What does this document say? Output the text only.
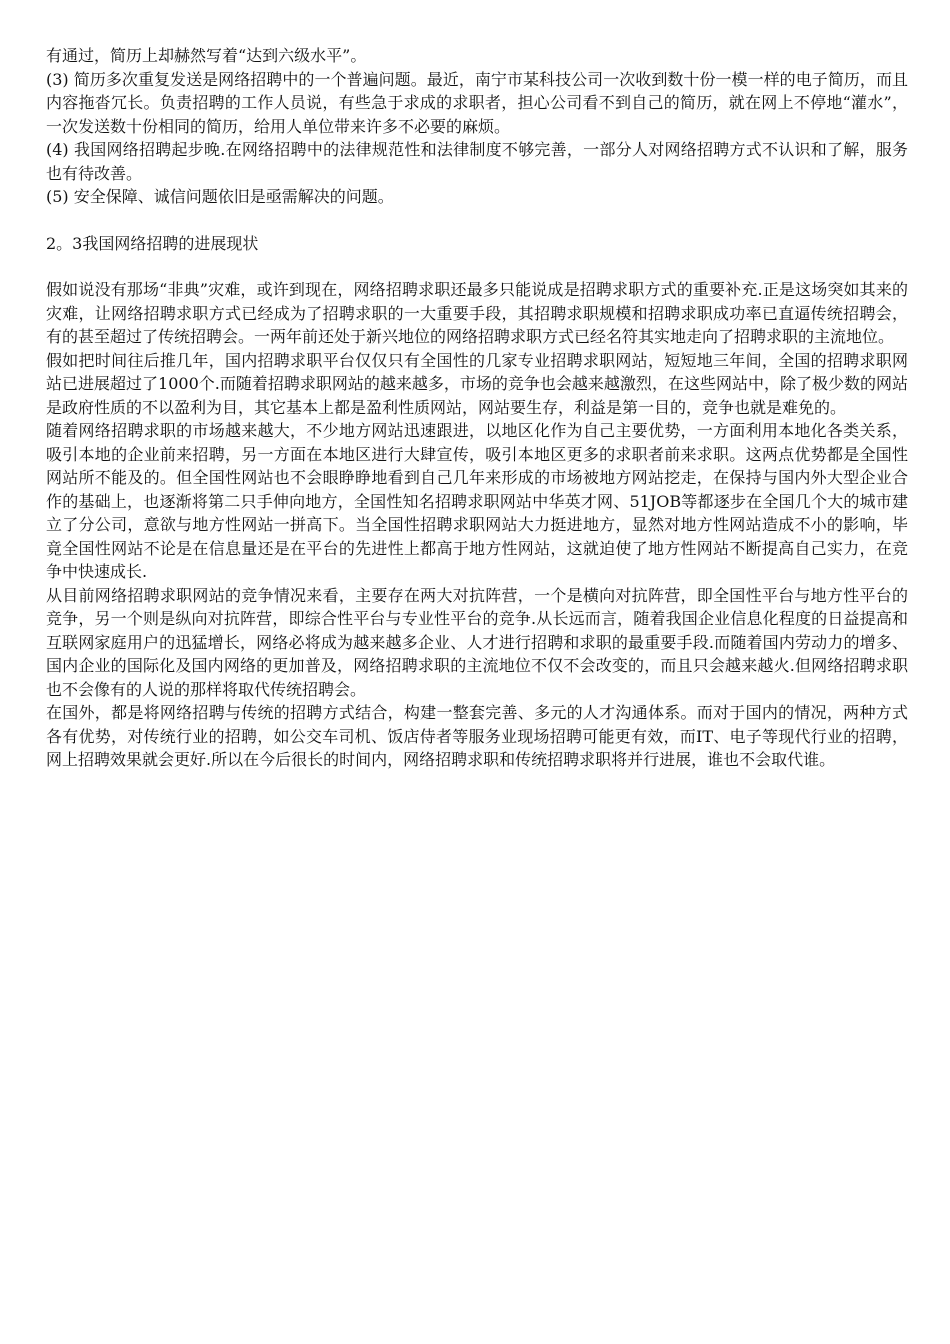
有通过，简历上却赫然写着“达到六级水平”。

(3) 简历多次重复发送是网络招聘中的一个普遍问题。最近，南宁市某科技公司一次收到数十份一模一样的电子简历，而且内容拖沓冗长。负责招聘的工作人员说，有些急于求成的求职者，担心公司看不到自己的简历，就在网上不停地“灌水”，一次发送数十份相同的简历，给用人单位带来许多不必要的麻烦。

(4) 我国网络招聘起步晚.在网络招聘中的法律规范性和法律制度不够完善，一部分人对网络招聘方式不认识和了解，服务也有待改善。

(5) 安全保障、诚信问题依旧是亟需解决的问题。

2。3我国网络招聘的进展现状

假如说没有那场“非典”灾难，或许到现在，网络招聘求职还最多只能说成是招聘求职方式的重要补充.正是这场突如其来的灾难，让网络招聘求职方式已经成为了招聘求职的一大重要手段，其招聘求职规模和招聘求职成功率已直逼传统招聘会，有的甚至超过了传统招聘会。一两年前还处于新兴地位的网络招聘求职方式已经名符其实地走向了招聘求职的主流地位。

假如把时间往后推几年，国内招聘求职平台仅仅只有全国性的几家专业招聘求职网站，短短地三年间，全国的招聘求职网站已进展超过了1000个.而随着招聘求职网站的越来越多，市场的竞争也会越来越激烈，在这些网站中，除了极少数的网站是政府性质的不以盈利为目，其它基本上都是盈利性质网站，网站要生存，利益是第一目的，竞争也就是难免的。

随着网络招聘求职的市场越来越大，不少地方网站迅速跟进，以地区化作为自己主要优势，一方面利用本地化各类关系，吸引本地的企业前来招聘，另一方面在本地区进行大肆宣传，吸引本地区更多的求职者前来求职。这两点优势都是全国性网站所不能及的。但全国性网站也不会眼睁睁地看到自己几年来形成的市场被地方网站挖走，在保持与国内外大型企业合作的基础上，也逐渐将第二只手伸向地方，全国性知名招聘求职网站中华英才网、51JOB等都逐步在全国几个大的城市建立了分公司，意欲与地方性网站一拼高下。当全国性招聘求职网站大力挺进地方，显然对地方性网站造成不小的影响，毕竟全国性网站不论是在信息量还是在平台的先进性上都高于地方性网站，这就迫使了地方性网站不断提高自己实力，在竞争中快速成长.

从目前网络招聘求职网站的竞争情况来看，主要存在两大对抗阵营，一个是横向对抗阵营，即全国性平台与地方性平台的竞争，另一个则是纵向对抗阵营，即综合性平台与专业性平台的竞争.从长远而言，随着我国企业信息化程度的日益提高和互联网家庭用户的迅猛增长，网络必将成为越来越多企业、人才进行招聘和求职的最重要手段.而随着国内劳动力的增多、国内企业的国际化及国内网络的更加普及，网络招聘求职的主流地位不仅不会改变的，而且只会越来越火.但网络招聘求职也不会像有的人说的那样将取代传统招聘会。

在国外，都是将网络招聘与传统的招聘方式结合，构建一整套完善、多元的人才沟通体系。而对于国内的情况，两种方式各有优势，对传统行业的招聘，如公交车司机、饭店侍者等服务业现场招聘可能更有效，而IT、电子等现代行业的招聘，网上招聘效果就会更好.所以在今后很长的时间内，网络招聘求职和传统招聘求职将并行进展，谁也不会取代谁。
